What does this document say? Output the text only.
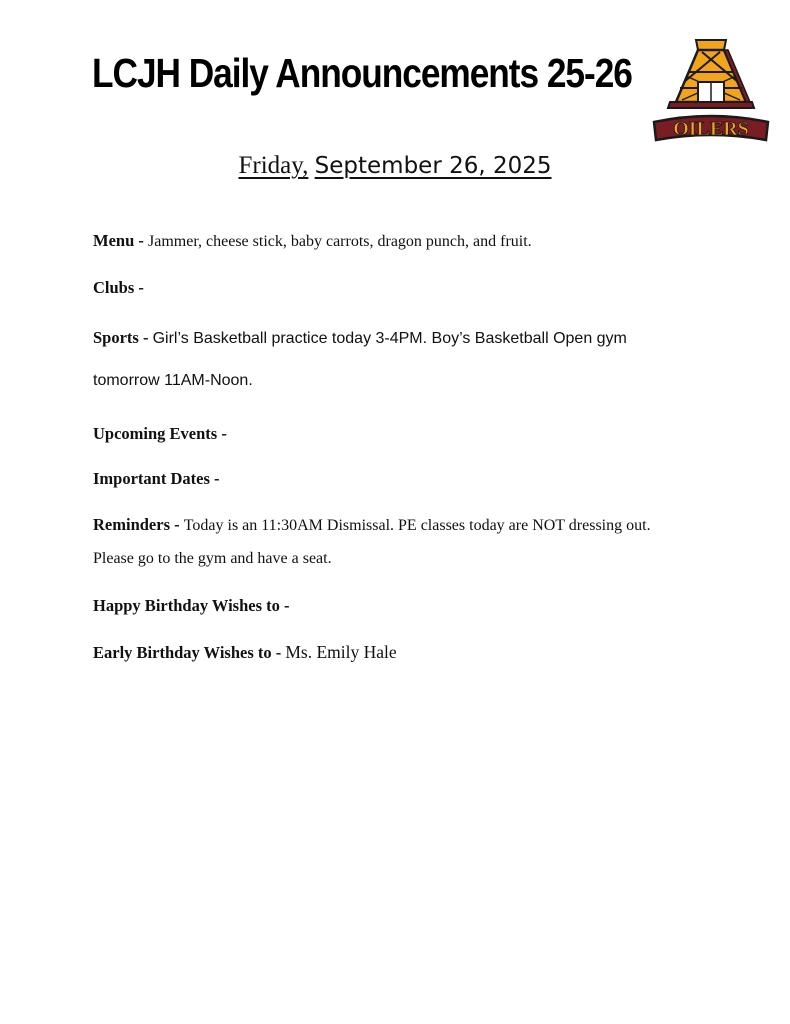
LCJH Daily Announcements 25-26
OILERS
Friday, September 26, 2025
Menu - Jammer, cheese stick, baby carrots, dragon punch, and fruit.
Clubs -
Sports - Girl’s Basketball practice today 3-4PM. Boy’s Basketball Open gym
tomorrow 11AM-Noon.
Upcoming Events -
Important Dates -
Reminders - Today is an 11:30AM Dismissal. PE classes today are NOT dressing out.
Please go to the gym and have a seat.
Happy Birthday Wishes to -
Early Birthday Wishes to - Ms. Emily Hale
